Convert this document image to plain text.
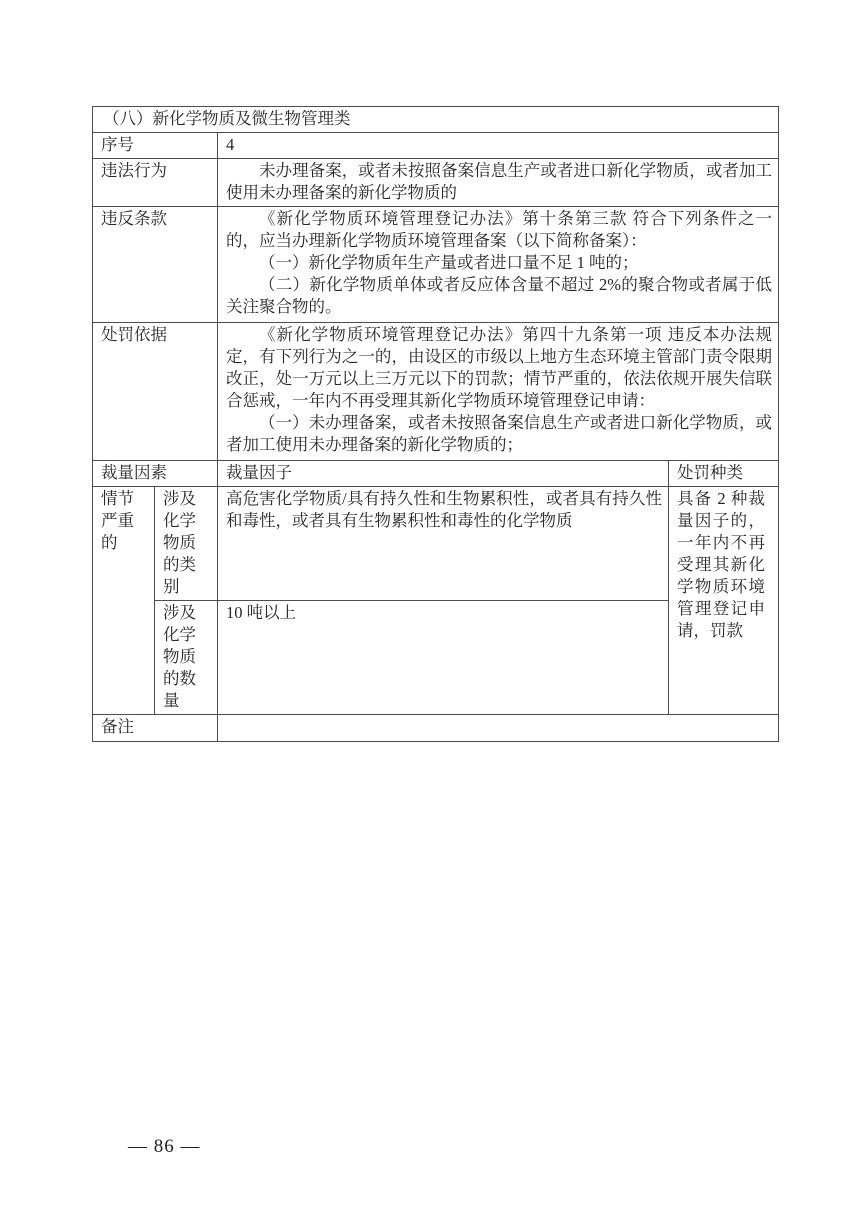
（八）新化学物质及微生物管理类			
序号		4	
违法行为		未办理备案，或者未按照备案信息生产或者进口新化学物质，或者加工使用未办理备案的新化学物质的	

违反条款		《新化学物质环境管理登记办法》第十条第三款 符合下列条件之一的，应当办理新化学物质环境管理备案（以下简称备案）：

（一）新化学物质年生产量或者进口量不足 1 吨的；

（二）新化学物质单体或者反应体含量不超过 2%的聚合物或者属于低关注聚合物的。	

处罚依据		《新化学物质环境管理登记办法》第四十九条第一项 违反本办法规定，有下列行为之一的，由设区的市级以上地方生态环境主管部门责令限期改正，处一万元以上三万元以下的罚款；情节严重的，依法依规开展失信联合惩戒，一年内不再受理其新化学物质环境管理登记申请：

（一）未办理备案，或者未按照备案信息生产或者进口新化学物质，或者加工使用未办理备案的新化学物质的；	

裁量因素		裁量因子	处罚种类

情节严重的	涉及化学物质的类别	高危害化学物质/具有持久性和生物累积性，或者具有持久性和毒性，或者具有生物累积性和毒性的化学物质	具备 2 种裁量因子的，一年内不再受理其新化学物质环境管理登记申请，罚款

	涉及化学物质的数量	10 吨以上	

备注			
— 86 —
